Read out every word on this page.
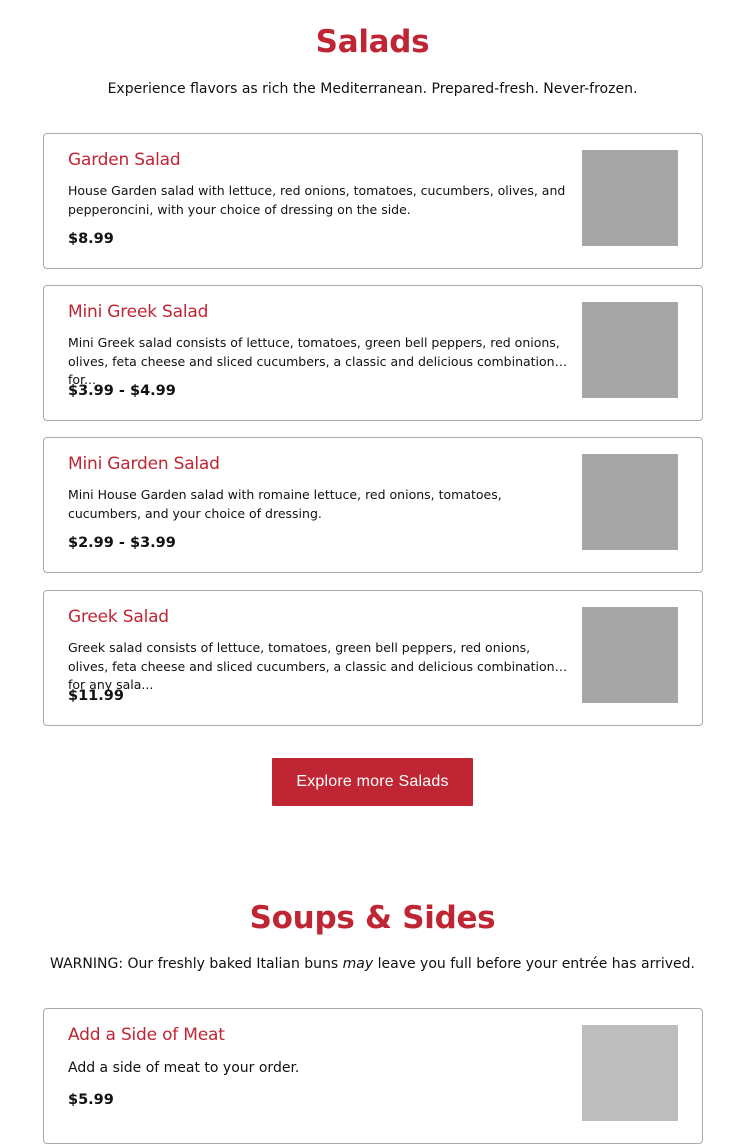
Salads

Experience flavors as rich the Mediterranean. Prepared-fresh. Never-frozen.

Garden Salad
House Garden salad with lettuce, red onions, tomatoes, cucumbers, olives, and pepperoncini, with your choice of dressing on the side.
$8.99
Mini Greek Salad
Mini Greek salad consists of lettuce, tomatoes, green bell peppers, red onions, olives, feta cheese and sliced cucumbers, a classic and delicious combination for...
$3.99 - $4.99
Mini Garden Salad
Mini House Garden salad with romaine lettuce, red onions, tomatoes, cucumbers, and your choice of dressing.
$2.99 - $3.99
Greek Salad
Greek salad consists of lettuce, tomatoes, green bell peppers, red onions, olives, feta cheese and sliced cucumbers, a classic and delicious combination for any sala...
$11.99
Explore more Salads
Soups & Sides

WARNING: Our freshly baked Italian buns may leave you full before your entrée has arrived.

Add a Side of Meat
Add a side of meat to your order.
$5.99
